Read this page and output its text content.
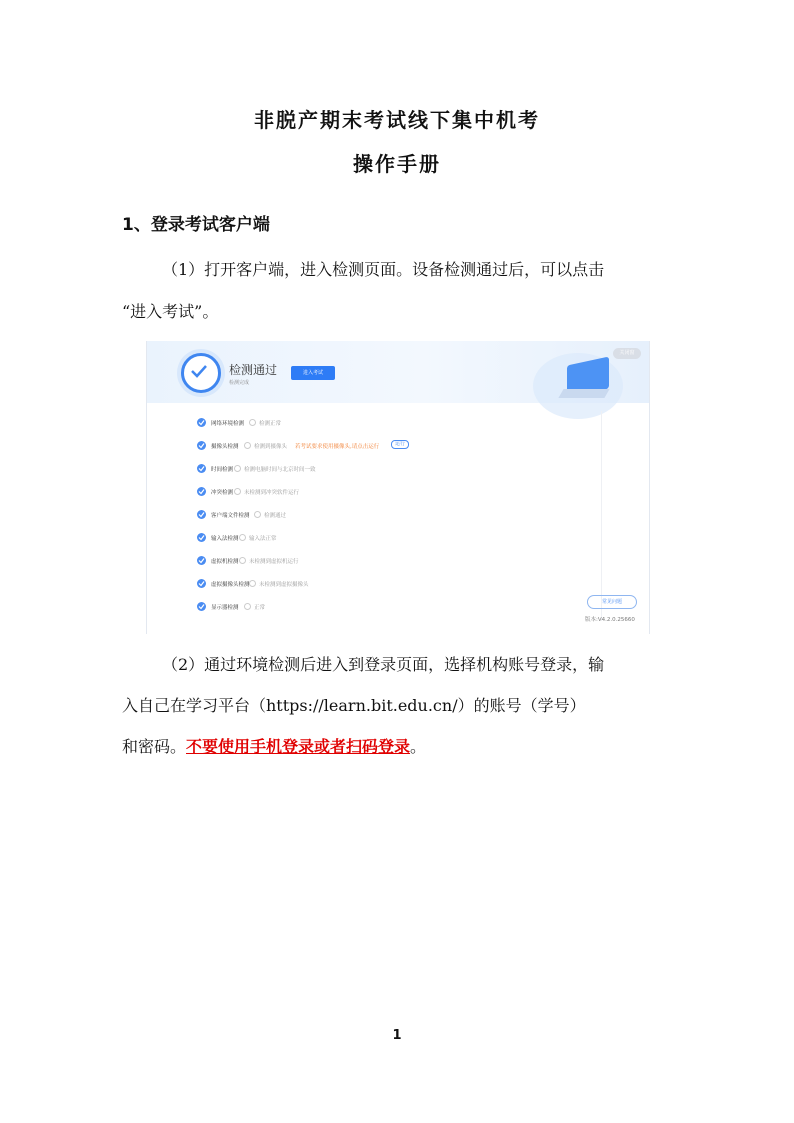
非脱产期末考试线下集中机考
操作手册
1、登录考试客户端
（1）打开客户端，进入检测页面。设备检测通过后，可以点击
“进入考试”。
检测通过
检测完成
进入考试
关闭窗
网络环境检测	检测正常
摄像头检测	检测到摄像头 若考试要求使用摄像头,请点击运行	运行
时间检测 检测电脑时间与北京时间一致
冲突检测 未检测到冲突软件运行
客户端文件检测	检测通过
输入法检测 输入法正常
虚拟机检测 未检测到虚拟机运行
虚拟摄像头检测 未检测到虚拟摄像头
显示器检测	正常
常见问题
版本:V4.2.0.25660
（2）通过环境检测后进入到登录页面，选择机构账号登录，输
入自己在学习平台（https://learn.bit.edu.cn/）的账号（学号）
和密码。不要使用手机登录或者扫码登录。
1
